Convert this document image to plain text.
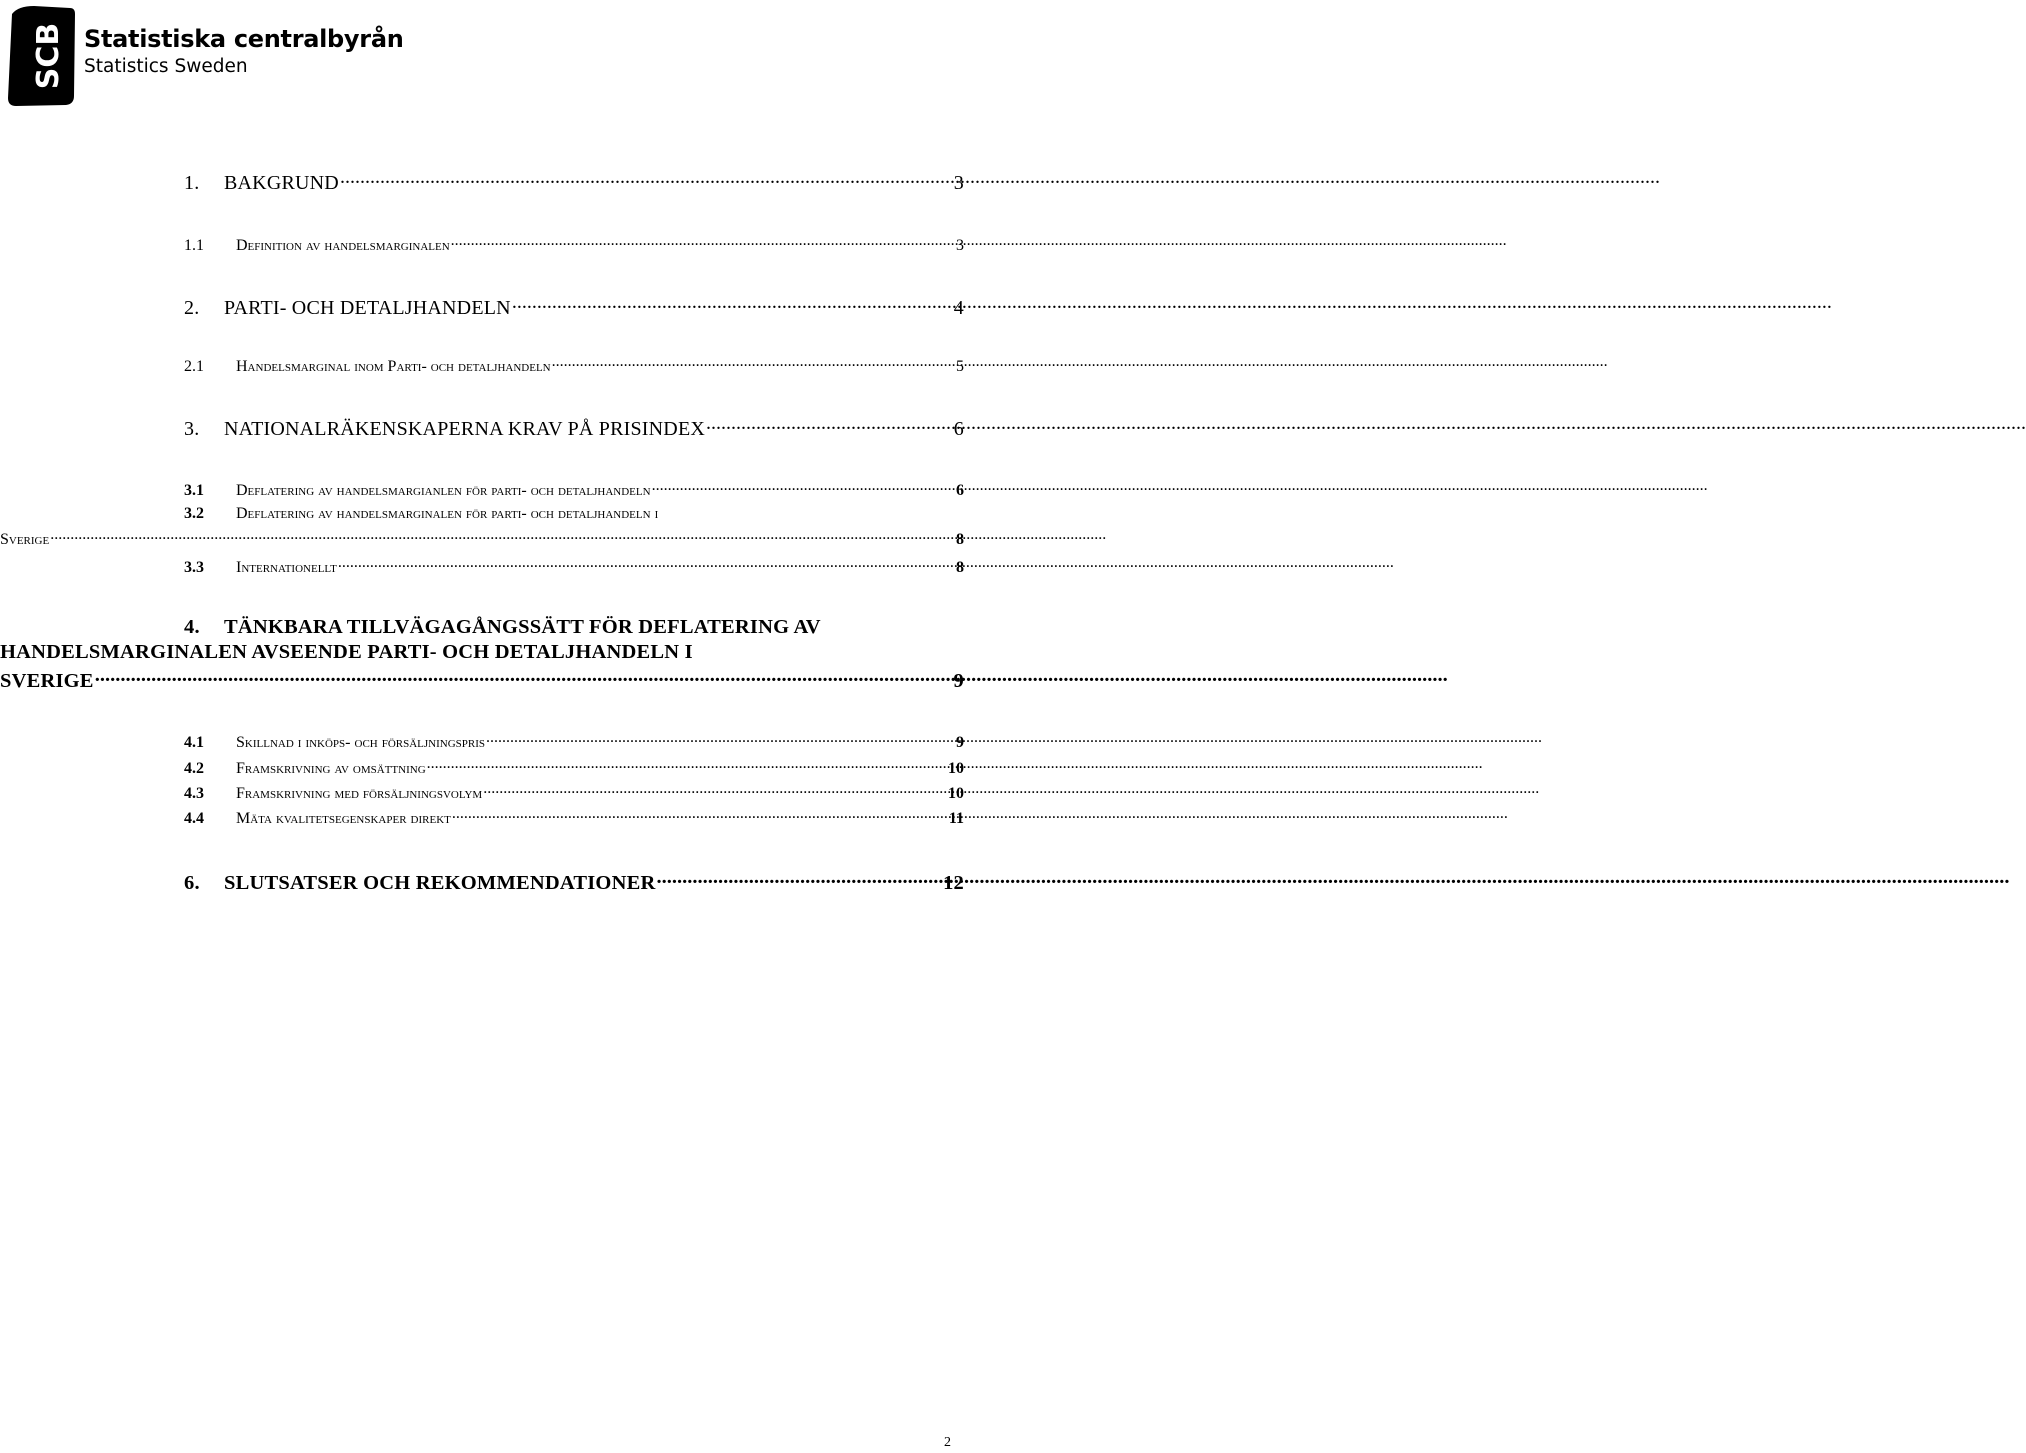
SCB Statistiska centralbyrån
Statistics Sweden
1.	BAKGRUND .....	3
1.1	Definition av handelsmarginalen .....	3
2.	PARTI- OCH DETALJHANDELN .....	4
2.1	Handelsmarginal inom Parti- och detaljhandeln .....	5
3.	NATIONALRÄKENSKAPERNA KRAV PÅ PRISINDEX .....	6
3.1	Deflatering av handelsmargianlen för parti- och detaljhandeln .....	6
3.2	Deflatering av handelsmarginalen för parti- och detaljhandeln i
Sverige .....	8
3.3	Internationellt .....	8
4.	TÄNKBARA TILLVÄGAGÅNGSSÄTT FÖR DEFLATERING AV
HANDELSMARGINALEN AVSEENDE PARTI- OCH DETALJHANDELN I
SVERIGE .....	9
4.1	Skillnad i inköps- och försäljningspris .....	9
4.2	Framskrivning av omsättning .....	10
4.3	Framskrivning med försäljningsvolym .....	10
4.4	Mäta kvalitetsegenskaper direkt .....	11
6.	SLUTSATSER OCH REKOMMENDATIONER .....	12
2
